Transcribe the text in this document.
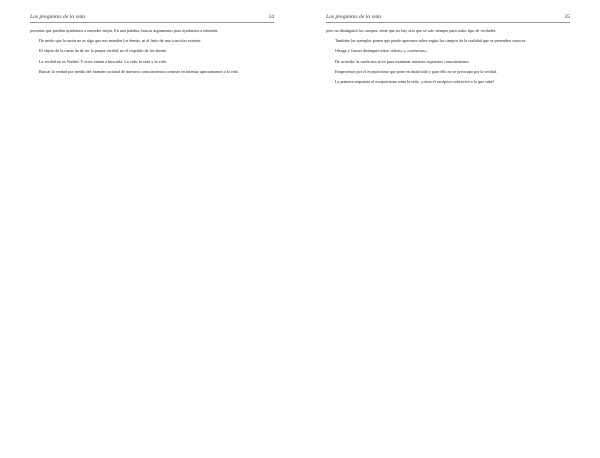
Las preguntas de la vida	34

personas que puedan ayudarnos a entender mejor. En una palabra, buscar argumentos para ayudarnos a entender.

De modo que la razón no es algo que nos manden los demás, ni el fruto de una coacción exterior.

El objeto de la razón ha de ser la propia verdad, no el respaldo de los demás.

La verdad no es Verdad. Y otros entran a buscarla. La vida, la vida y la vida.

Buscar la verdad por medio del examen racional de nuestros conocimientos consiste en intentar aproximarnos a lo real.

Las preguntas de la vida	35

pero no distinguirá los campos, entre que no hay otra que se sale siempre para todos tipo de verdades.

También los ejemplos ponen que puede aportarse sobre según los campos de la realidad que se pretenden conocer.

Ortega y Gasset distinguió entre «ideas» y «creencias».

De acuerdo: la razón nos sirve para examinar nuestros supuestos conocimientos.

Empecemos por el escepticismo que pone en duda todo y para ello no se preocupa por la verdad.

La primera respuesta al escepticismo tenía la vida: ¿cómo el escéptico sobrevive a lo que sabe?
